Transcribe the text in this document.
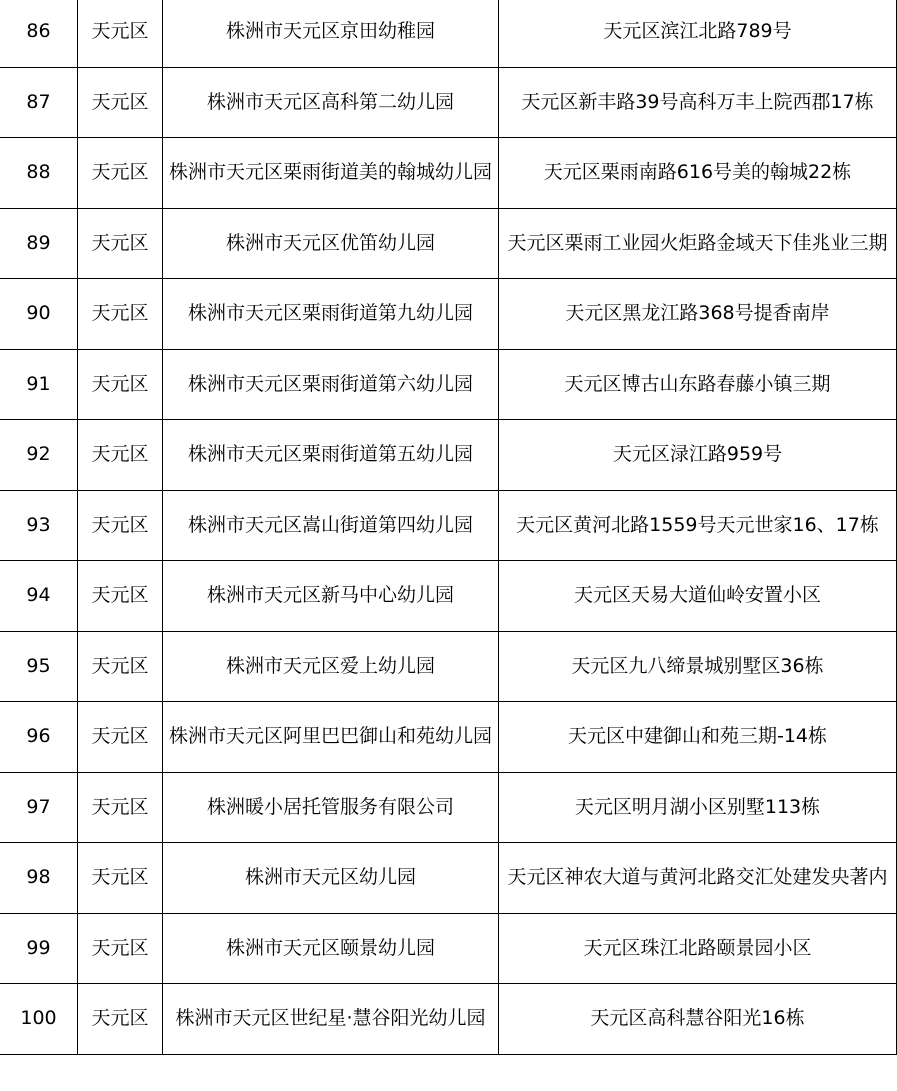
86	天元区	株洲市天元区京田幼稚园	天元区滨江北路789号
87	天元区	株洲市天元区高科第二幼儿园	天元区新丰路39号高科万丰上院西郡17栋
88	天元区	株洲市天元区栗雨街道美的翰城幼儿园	天元区栗雨南路616号美的翰城22栋
89	天元区	株洲市天元区优笛幼儿园	天元区栗雨工业园火炬路金域天下佳兆业三期
90	天元区	株洲市天元区栗雨街道第九幼儿园	天元区黑龙江路368号提香南岸
91	天元区	株洲市天元区栗雨街道第六幼儿园	天元区博古山东路春藤小镇三期
92	天元区	株洲市天元区栗雨街道第五幼儿园	天元区渌江路959号
93	天元区	株洲市天元区嵩山街道第四幼儿园	天元区黄河北路1559号天元世家16、17栋
94	天元区	株洲市天元区新马中心幼儿园	天元区天易大道仙岭安置小区
95	天元区	株洲市天元区爱上幼儿园	天元区九八缔景城别墅区36栋
96	天元区	株洲市天元区阿里巴巴御山和苑幼儿园	天元区中建御山和苑三期-14栋
97	天元区	株洲暖小居托管服务有限公司	天元区明月湖小区别墅113栋
98	天元区	株洲市天元区幼儿园	天元区神农大道与黄河北路交汇处建发央著内
99	天元区	株洲市天元区颐景幼儿园	天元区珠江北路颐景园小区
100	天元区	株洲市天元区世纪星·慧谷阳光幼儿园	天元区高科慧谷阳光16栋
